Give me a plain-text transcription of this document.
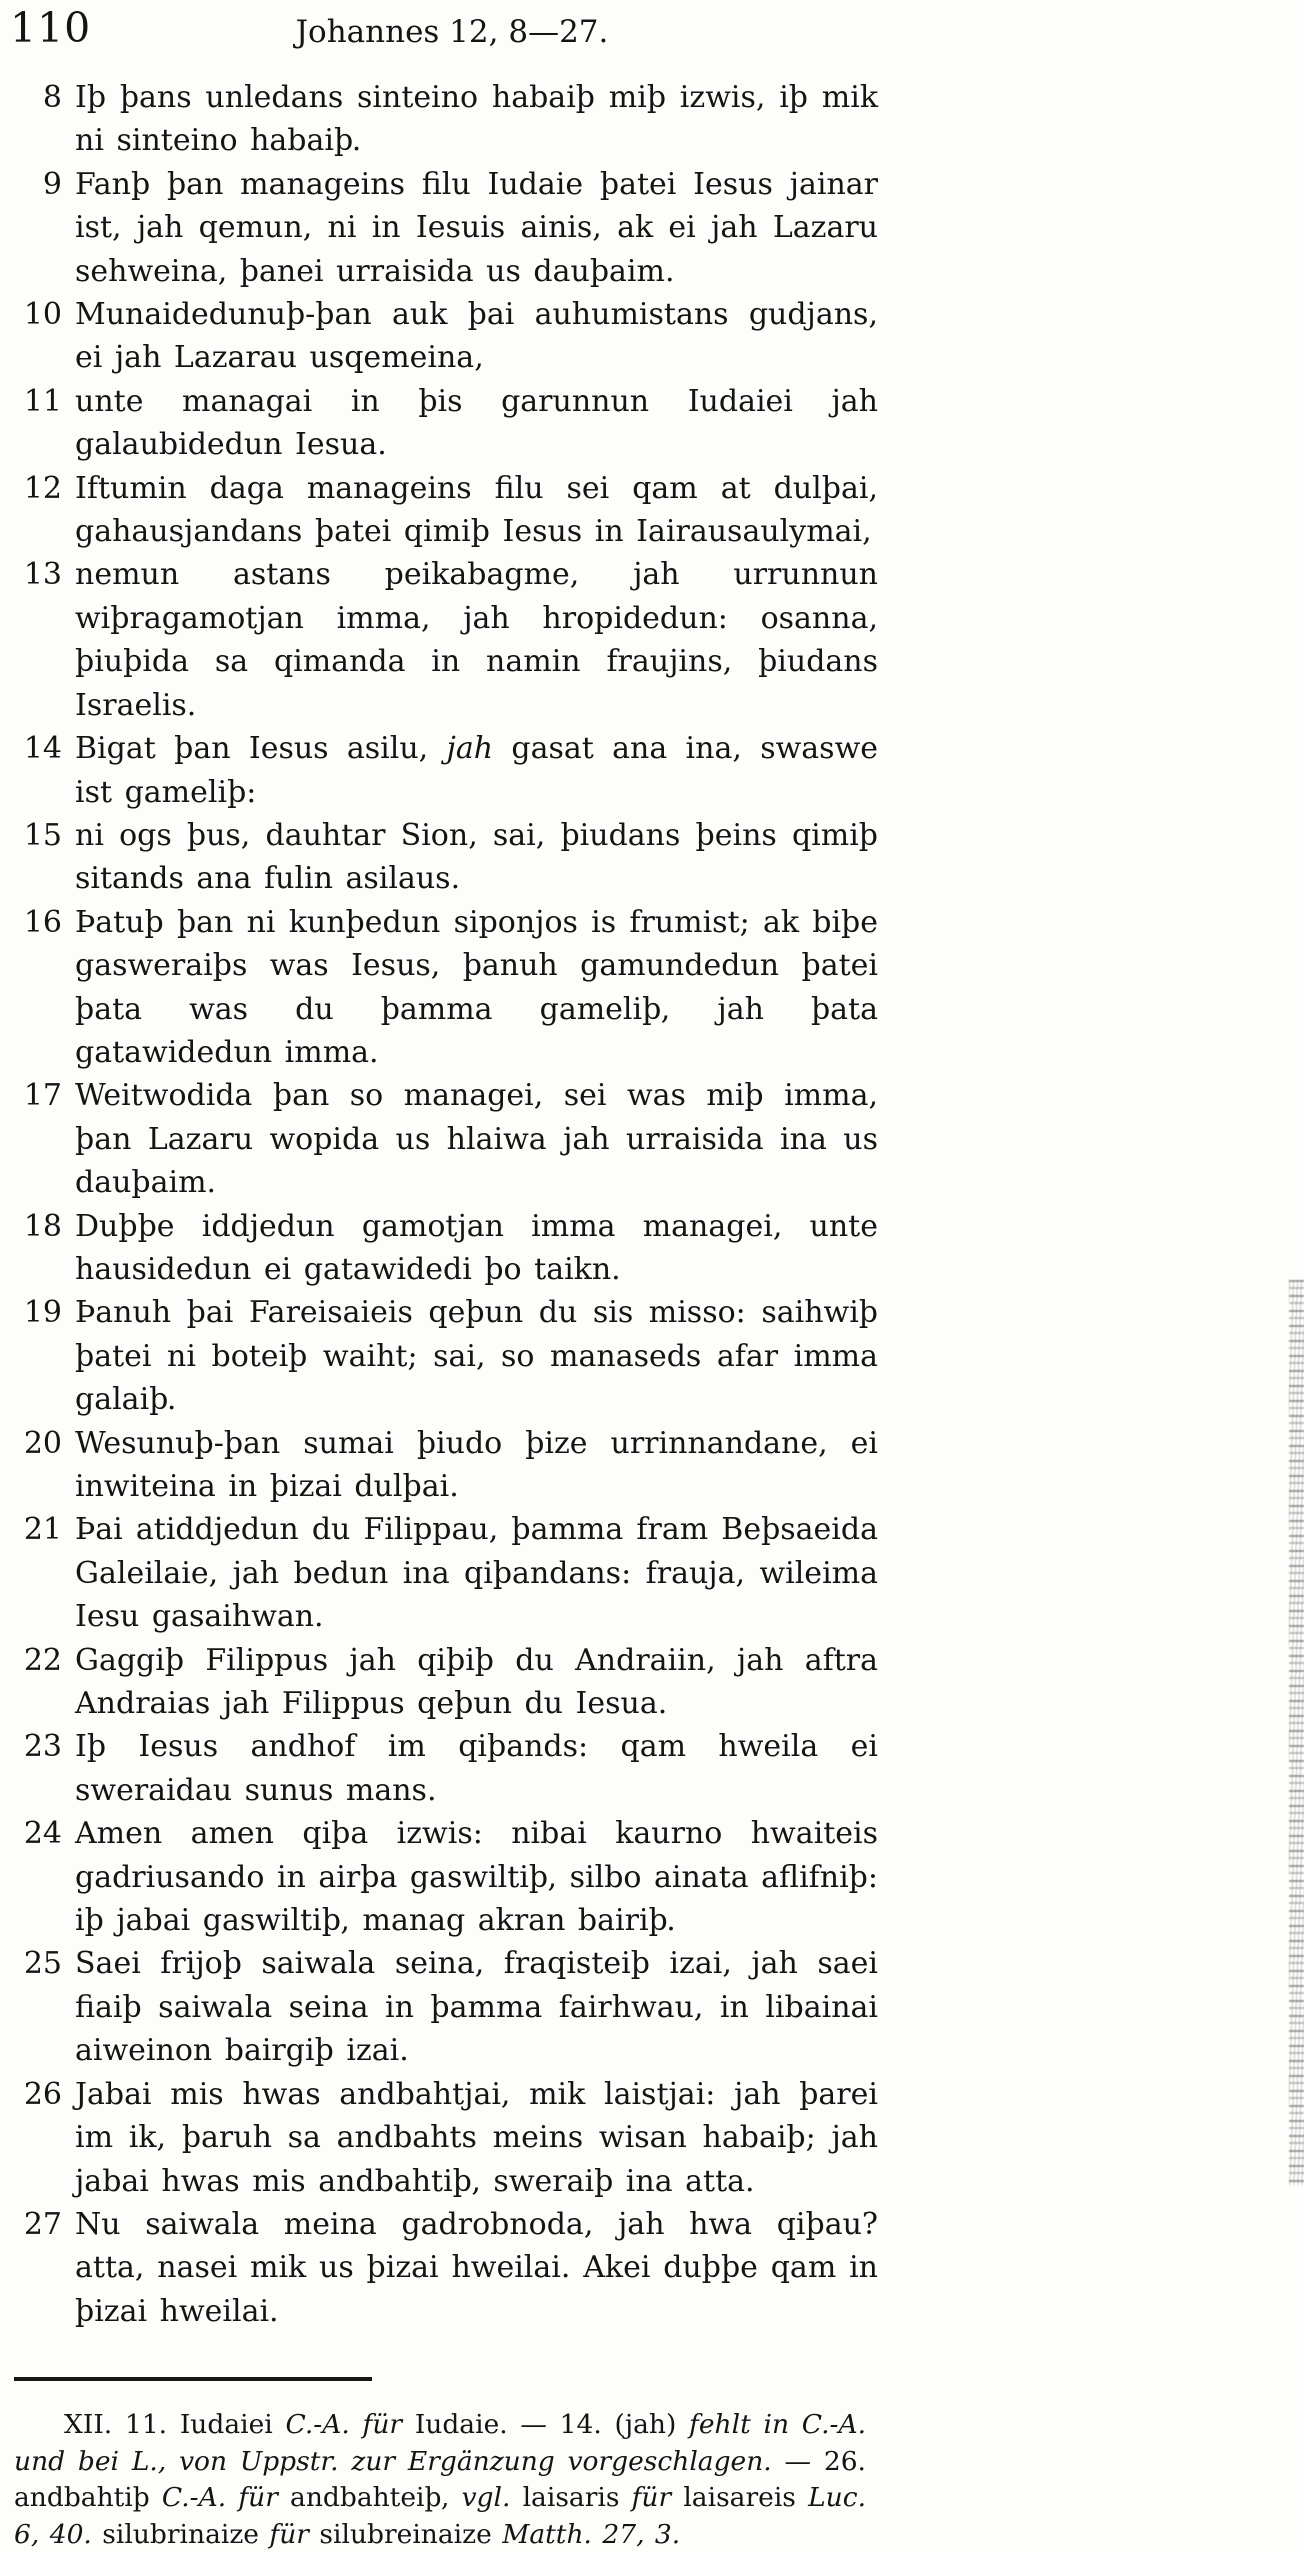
110	Johannes 12, 8—27.
8 Iþ þans unledans sinteino habaiþ miþ izwis, iþ mik ni sinteino habaiþ.
9 Fanþ þan manageins filu Iudaie þatei Iesus jainar ist, jah qemun, ni in Iesuis ainis, ak ei jah Lazaru sehweina, þanei urraisida us dauþaim.
10 Munaidedunuþ-þan auk þai auhumistans gudjans, ei jah Lazarau usqemeina,
11 unte managai in þis garunnun Iudaiei jah galaubidedun Iesua.
12 Iftumin daga manageins filu sei qam at dulþai, gahausjandans þatei qimiþ Iesus in Iairausaulymai,
13 nemun astans peikabagme, jah urrunnun wiþragamotjan imma, jah hropidedun: osanna, þiuþida sa qimanda in namin fraujins, þiudans Israelis.
14 Bigat þan Iesus asilu, jah gasat ana ina, swaswe ist gameliþ:
15 ni ogs þus, dauhtar Sion, sai, þiudans þeins qimiþ sitands ana fulin asilaus.
16 Þatuþ þan ni kunþedun siponjos is frumist; ak biþe gasweraiþs was Iesus, þanuh gamundedun þatei þata was du þamma gameliþ, jah þata gatawidedun imma.
17 Weitwodida þan so managei, sei was miþ imma, þan Lazaru wopida us hlaiwa jah urraisida ina us dauþaim.
18 Duþþe iddjedun gamotjan imma managei, unte hausidedun ei gatawidedi þo taikn.
19 Þanuh þai Fareisaieis qeþun du sis misso: saihwiþ þatei ni boteiþ waiht; sai, so manaseds afar imma galaiþ.
20 Wesunuþ-þan sumai þiudo þize urrinnandane, ei inwiteina in þizai dulþai.
21 Þai atiddjedun du Filippau, þamma fram Beþsaeida Galeilaie, jah bedun ina qiþandans: frauja, wileima Iesu gasaihwan.
22 Gaggiþ Filippus jah qiþiþ du Andraiin, jah aftra Andraias jah Filippus qeþun du Iesua.
23 Iþ Iesus andhof im qiþands: qam hweila ei sweraidau sunus mans.
24 Amen amen qiþa izwis: nibai kaurno hwaiteis gadriusando in airþa gaswiltiþ, silbo ainata aflifniþ: iþ jabai gaswiltiþ, manag akran bairiþ.
25 Saei frijoþ saiwala seina, fraqisteiþ izai, jah saei fiaiþ saiwala seina in þamma fairhwau, in libainai aiweinon bairgiþ izai.
26 Jabai mis hwas andbahtjai, mik laistjai: jah þarei im ik, þaruh sa andbahts meins wisan habaiþ; jah jabai hwas mis andbahtiþ, sweraiþ ina atta.
27 Nu saiwala meina gadrobnoda, jah hwa qiþau? atta, nasei mik us þizai hweilai. Akei duþþe qam in þizai hweilai.

XII. 11. Iudaiei C.-A. für Iudaie. — 14. (jah) fehlt in C.-A. und bei L., von Uppstr. zur Ergänzung vorgeschlagen. — 26. andbahtiþ C.-A. für andbahteiþ, vgl. laisaris für laisareis Luc. 6, 40. silubrinaize für silubreinaize Matth. 27, 3.
